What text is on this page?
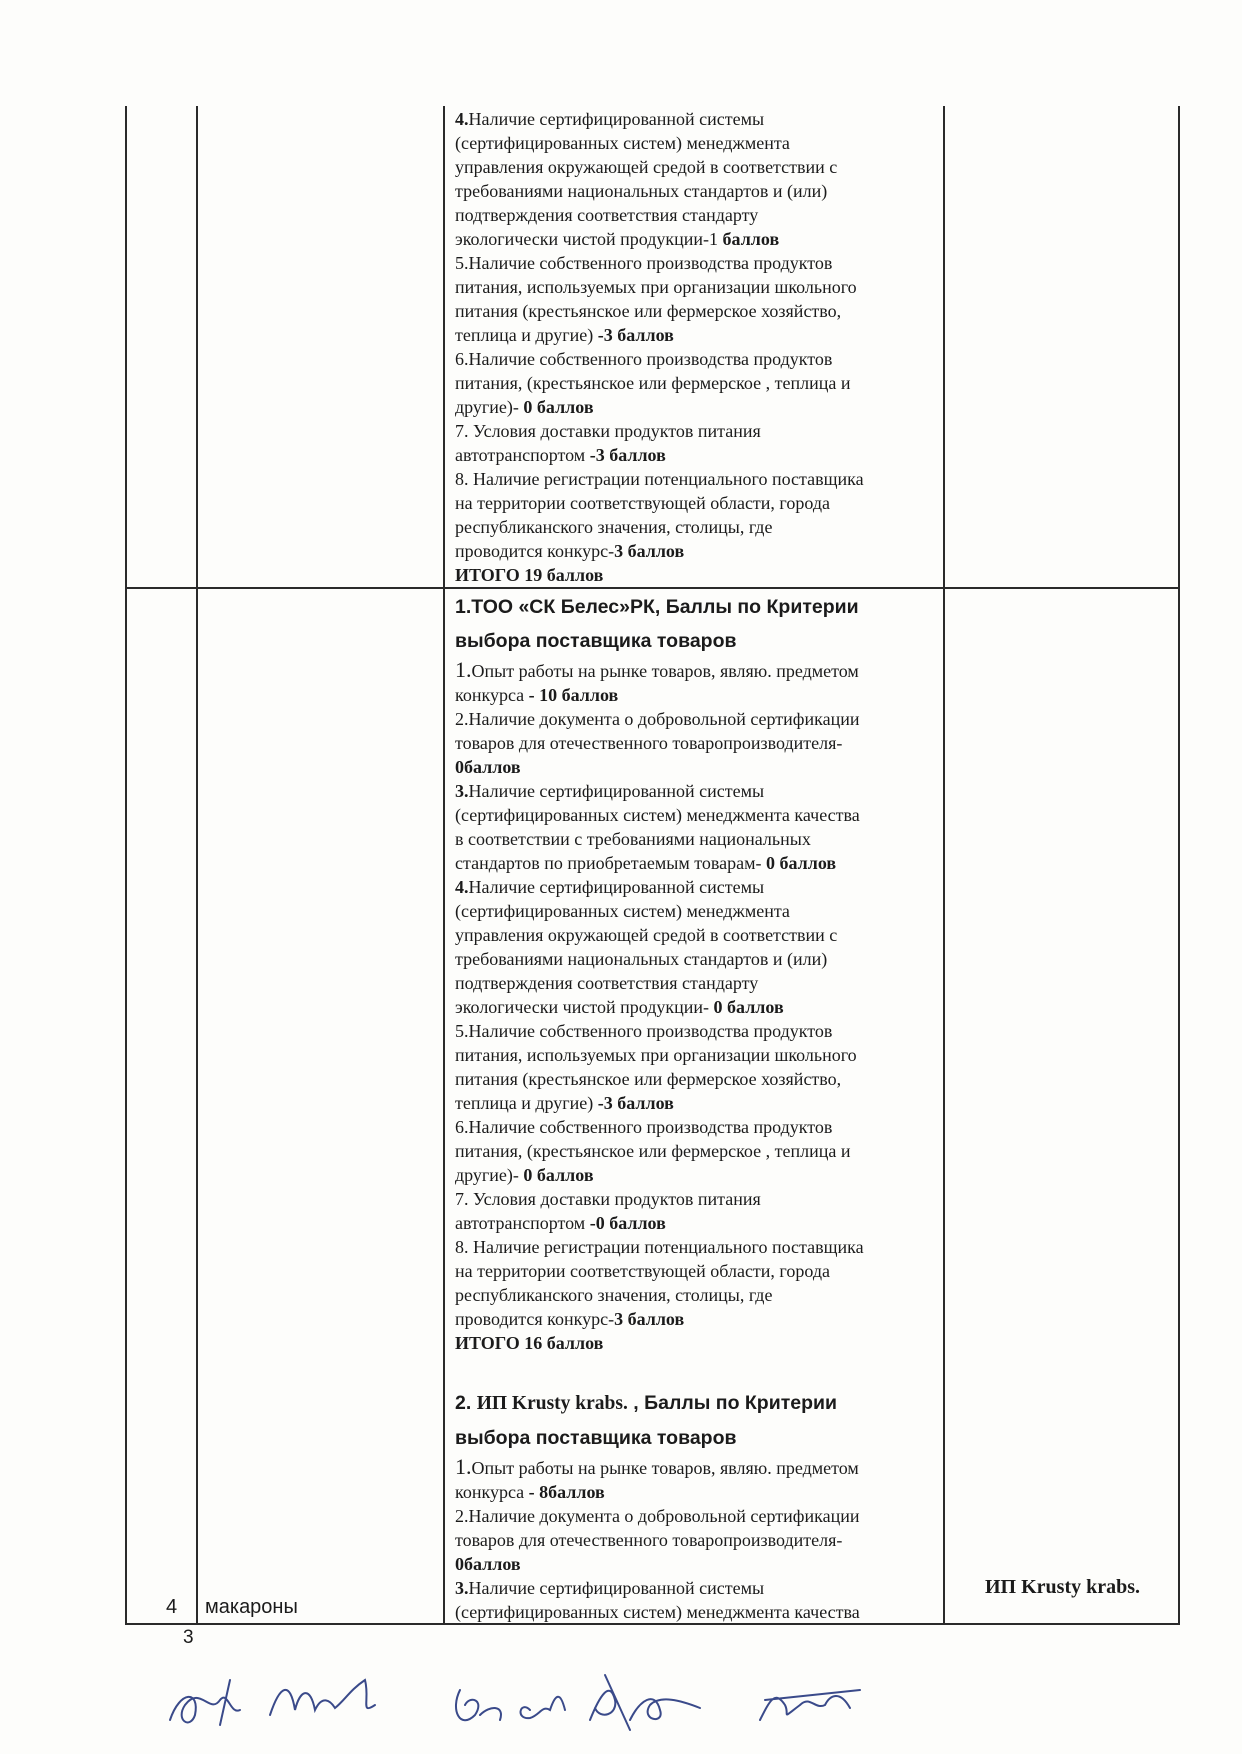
4.Наличие сертифицированной системы

(сертифицированных систем) менеджмента

управления окружающей средой в соответствии с

требованиями национальных стандартов и (или)

подтверждения соответствия стандарту

экологически чистой продукции-1 баллов

5.Наличие собственного производства продуктов

питания, используемых при организации школьного

питания (крестьянское или фермерское хозяйство,

теплица и другие) -3 баллов

6.Наличие собственного производства продуктов

питания, (крестьянское или фермерское , теплица и

другие)- 0 баллов

7. Условия доставки продуктов питания

автотранспортом -3 баллов

8. Наличие регистрации потенциального поставщика

на территории соответствующей области, города

республиканского значения, столицы, где

проводится конкурс-3 баллов

ИТОГО 19 баллов

1.ТОО «СК Белес»РК, Баллы по Критерии

выбора поставщика товаров

1.Опыт работы на рынке товаров, являю. предметом

конкурса - 10 баллов

2.Наличие документа о добровольной сертификации

товаров для отечественного товаропроизводителя-

0баллов

3.Наличие сертифицированной системы

(сертифицированных систем) менеджмента качества

в соответствии с требованиями национальных

стандартов по приобретаемым товарам- 0 баллов

4.Наличие сертифицированной системы

(сертифицированных систем) менеджмента

управления окружающей средой в соответствии с

требованиями национальных стандартов и (или)

подтверждения соответствия стандарту

экологически чистой продукции- 0 баллов

5.Наличие собственного производства продуктов

питания, используемых при организации школьного

питания (крестьянское или фермерское хозяйство,

теплица и другие) -3 баллов

6.Наличие собственного производства продуктов

питания, (крестьянское или фермерское , теплица и

другие)- 0 баллов

7. Условия доставки продуктов питания

автотранспортом -0 баллов

8. Наличие регистрации потенциального поставщика

на территории соответствующей области, города

республиканского значения, столицы, где

проводится конкурс-3 баллов

ИТОГО 16 баллов

2. ИП Krusty krabs. , Баллы по Критерии

выбора поставщика товаров

1.Опыт работы на рынке товаров, являю. предметом

конкурса - 8баллов

2.Наличие документа о добровольной сертификации

товаров для отечественного товаропроизводителя-

0баллов

3.Наличие сертифицированной системы

(сертифицированных систем) менеджмента качества

4 макароны
ИП Krusty krabs.
3
